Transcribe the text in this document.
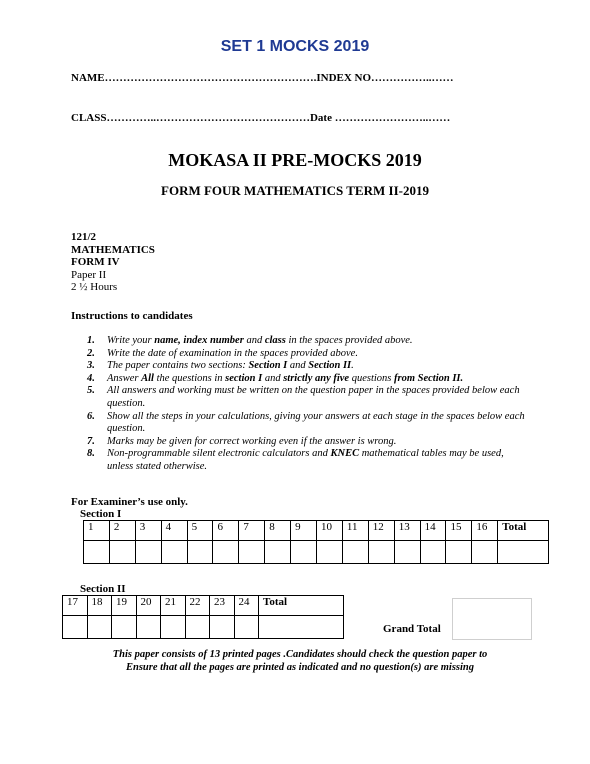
SET 1 MOCKS 2019
NAME………………………………………………….INDEX NO……………..……
CLASS…………..……………………………………Date ……………………..……
MOKASA II PRE-MOCKS 2019
FORM FOUR MATHEMATICS TERM II-2019
121/2
MATHEMATICS
FORM IV
Paper II
2 ½ Hours
Instructions to candidates
1. Write your name, index number and class in the spaces provided above.
2. Write the date of examination in the spaces provided above.
3. The paper contains two sections: Section I and Section II.
4. Answer All the questions in section I and strictly any five questions from Section II.
5. All answers and working must be written on the question paper in the spaces provided below each question.
6. Show all the steps in your calculations, giving your answers at each stage in the spaces below each question.
7. Marks may be given for correct working even if the answer is wrong.
8. Non-programmable silent electronic calculators and KNEC mathematical tables may be used, unless stated otherwise.
For Examiner’s use only.
Section I
1	2	3	4	5	6	7	8	9	10	11	12	13	14	15	16	Total

Section II
17	18	19	20	21	22	23	24	Total

Grand Total
This paper consists of 13 printed pages .Candidates should check the question paper to
Ensure that all the pages are printed as indicated and no question(s) are missing
